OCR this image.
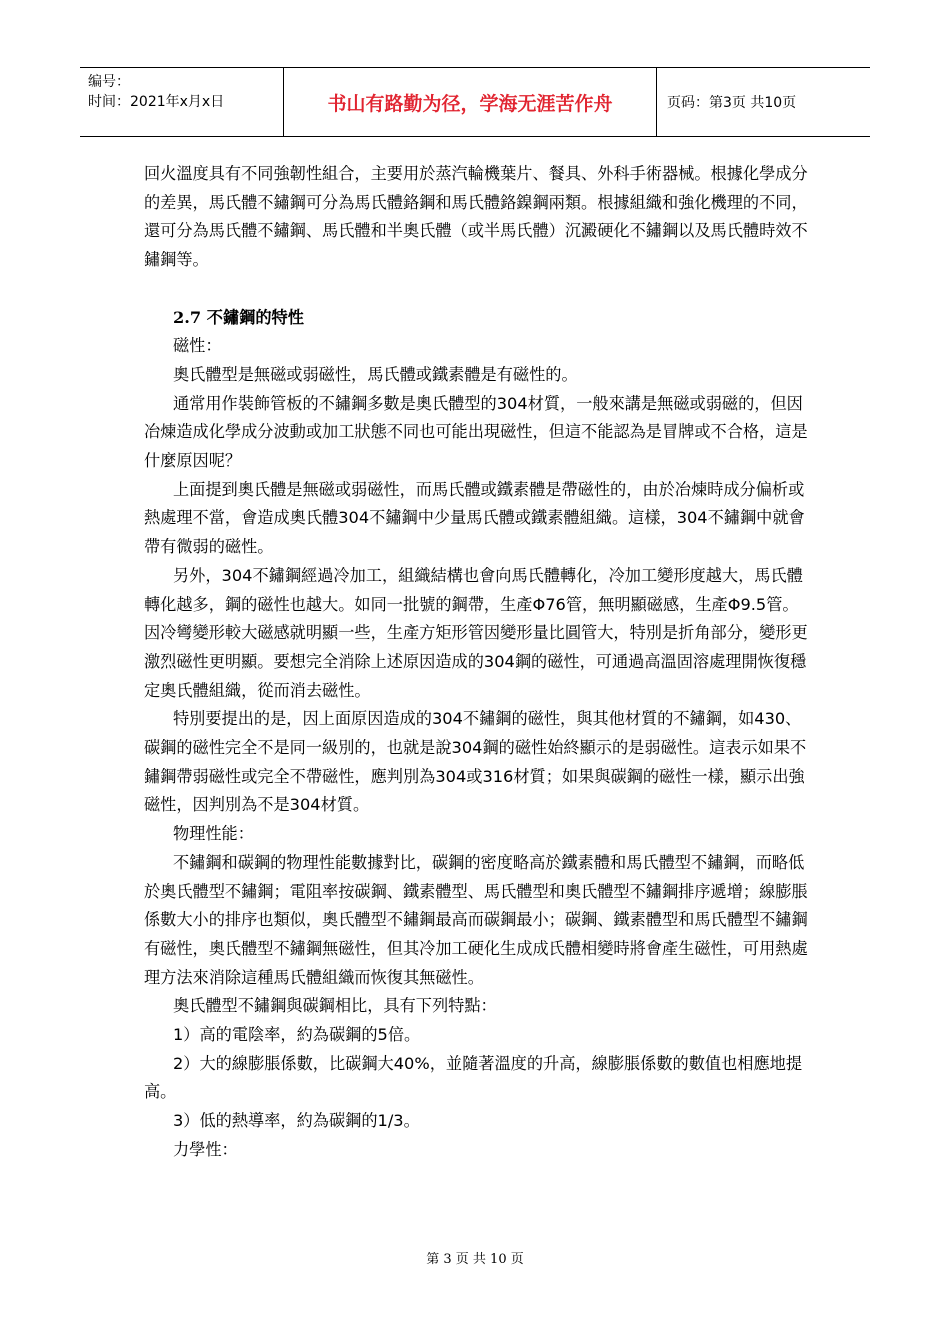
编号：
时间：2021年x月x日	书山有路勤为径，学海无涯苦作舟	页码：第3页 共10页

回火溫度具有不同強韌性組合，主要用於蒸汽輪機葉片、餐具、外科手術器械。根據化學成分的差異，馬氏體不鏽鋼可分為馬氏體鉻鋼和馬氏體鉻鎳鋼兩類。根據組織和強化機理的不同，還可分為馬氏體不鏽鋼、馬氏體和半奧氏體（或半馬氏體）沉澱硬化不鏽鋼以及馬氏體時效不鏽鋼等。

2.7 不鏽鋼的特性

磁性：

奧氏體型是無磁或弱磁性，馬氏體或鐵素體是有磁性的。

通常用作裝飾管板的不鏽鋼多數是奧氏體型的304材質，一般來講是無磁或弱磁的，但因冶煉造成化學成分波動或加工狀態不同也可能出現磁性，但這不能認為是冒牌或不合格，這是什麼原因呢？

上面提到奧氏體是無磁或弱磁性，而馬氏體或鐵素體是帶磁性的，由於冶煉時成分偏析或熱處理不當，會造成奧氏體304不鏽鋼中少量馬氏體或鐵素體組織。這樣，304不鏽鋼中就會帶有微弱的磁性。

另外，304不鏽鋼經過冷加工，組織結構也會向馬氏體轉化，冷加工變形度越大，馬氏體轉化越多，鋼的磁性也越大。如同一批號的鋼帶，生產Φ76管，無明顯磁感，生產Φ9.5管。因冷彎變形較大磁感就明顯一些，生產方矩形管因變形量比圓管大，特別是折角部分，變形更激烈磁性更明顯。要想完全消除上述原因造成的304鋼的磁性，可通過高溫固溶處理開恢復穩定奧氏體組織，從而消去磁性。

特別要提出的是，因上面原因造成的304不鏽鋼的磁性，與其他材質的不鏽鋼，如430、碳鋼的磁性完全不是同一級別的，也就是說304鋼的磁性始終顯示的是弱磁性。這表示如果不鏽鋼帶弱磁性或完全不帶磁性，應判別為304或316材質；如果與碳鋼的磁性一樣，顯示出強磁性，因判別為不是304材質。

物理性能：

不鏽鋼和碳鋼的物理性能數據對比，碳鋼的密度略高於鐵素體和馬氏體型不鏽鋼，而略低於奧氏體型不鏽鋼；電阻率按碳鋼、鐵素體型、馬氏體型和奧氏體型不鏽鋼排序遞增；線膨脹係數大小的排序也類似，奧氏體型不鏽鋼最高而碳鋼最小；碳鋼、鐵素體型和馬氏體型不鏽鋼有磁性，奧氏體型不鏽鋼無磁性，但其冷加工硬化生成成氏體相變時將會產生磁性，可用熱處理方法來消除這種馬氏體組織而恢復其無磁性。

奧氏體型不鏽鋼與碳鋼相比，具有下列特點：

1）高的電陰率，約為碳鋼的5倍。

2）大的線膨脹係數，比碳鋼大40%，並隨著溫度的升高，線膨脹係數的數值也相應地提高。

3）低的熱導率，約為碳鋼的1/3。

力學性：

第 3 页 共 10 页
